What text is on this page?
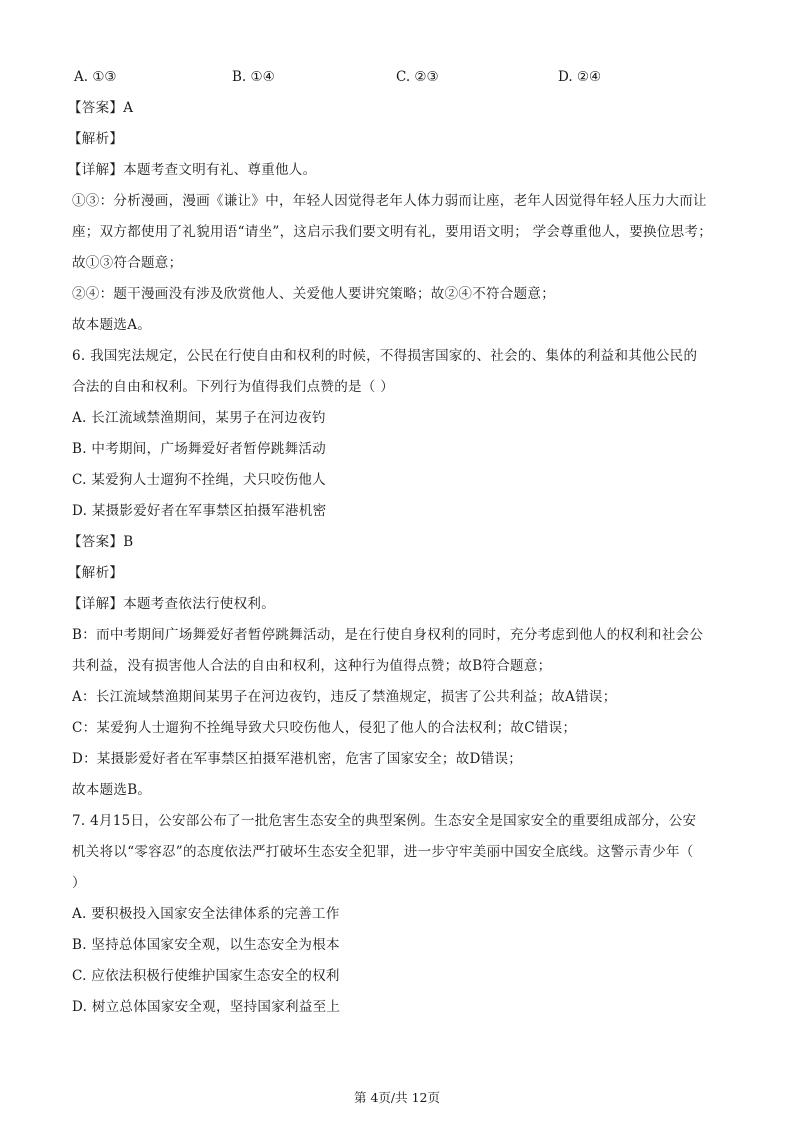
A. ①③	B. ①④	C. ②③	D. ②④
【答案】A
【解析】
【详解】本题考查文明有礼、尊重他人。
①③：分析漫画，漫画《谦让》中，年轻人因觉得老年人体力弱而让座，老年人因觉得年轻人压力大而让
座；双方都使用了礼貌用语“请坐”，这启示我们要文明有礼，要用语文明； 学会尊重他人，要换位思考；
故①③符合题意；
②④：题干漫画没有涉及欣赏他人、关爱他人要讲究策略；故②④不符合题意；
故本题选A。
6. 我国宪法规定，公民在行使自由和权利的时候，不得损害国家的、社会的、集体的利益和其他公民的
合法的自由和权利。下列行为值得我们点赞的是（ ）
A. 长江流域禁渔期间，某男子在河边夜钓
B. 中考期间，广场舞爱好者暂停跳舞活动
C. 某爱狗人士遛狗不拴绳，犬只咬伤他人
D. 某摄影爱好者在军事禁区拍摄军港机密
【答案】B
【解析】
【详解】本题考查依法行使权利。
B：而中考期间广场舞爱好者暂停跳舞活动，是在行使自身权利的同时，充分考虑到他人的权利和社会公
共利益，没有损害他人合法的自由和权利，这种行为值得点赞；故B符合题意；
A：长江流域禁渔期间某男子在河边夜钓，违反了禁渔规定，损害了公共利益；故A错误；
C：某爱狗人士遛狗不拴绳导致犬只咬伤他人，侵犯了他人的合法权利；故C错误；
D：某摄影爱好者在军事禁区拍摄军港机密，危害了国家安全；故D错误；
故本题选B。
7. 4月15日，公安部公布了一批危害生态安全的典型案例。生态安全是国家安全的重要组成部分，公安
机关将以“零容忍”的态度依法严打破坏生态安全犯罪，进一步守牢美丽中国安全底线。这警示青少年（
）
A. 要积极投入国家安全法律体系的完善工作
B. 坚持总体国家安全观，以生态安全为根本
C. 应依法积极行使维护国家生态安全的权利
D. 树立总体国家安全观，坚持国家利益至上
第 4页/共 12页
